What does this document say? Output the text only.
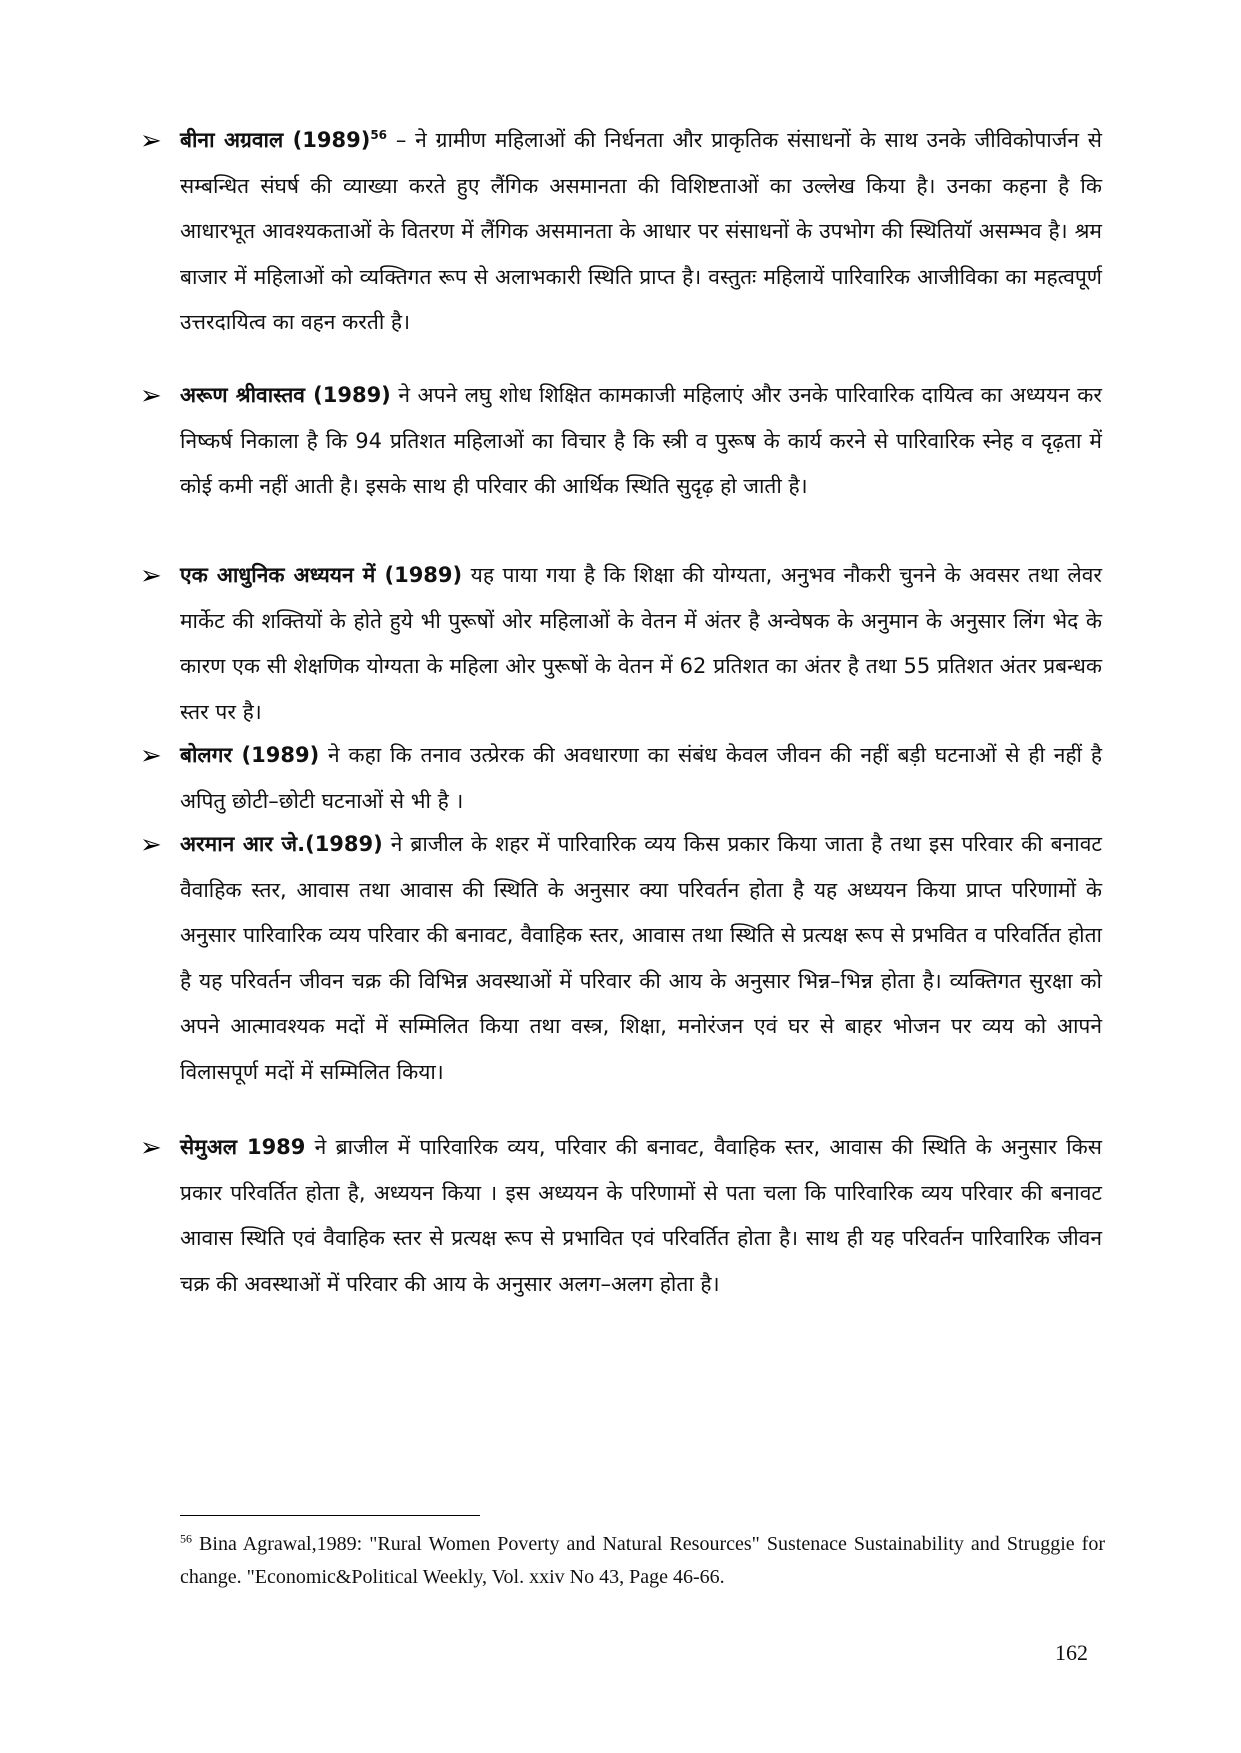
➢ बीना अग्रवाल $(1989)^{56}$ – ने ग्रामीण महिलाओं की निर्धनता और प्राकृतिक संसाधनों के साथ उनके जीविकोपार्जन से सम्बन्धित संघर्ष की व्याख्या करते हुए लैंगिक असमानता की विशिष्टताओं का उल्लेख किया है। उनका कहना है कि आधारभूत आवश्यकताओं के वितरण में लैंगिक असमानता के आधार पर संसाधनों के उपभोग की स्थितियॉ असम्भव है। श्रम बाजार में महिलाओं को व्यक्तिगत रूप से अलाभकारी स्थिति प्राप्त है। वस्तुतः महिलायें पारिवारिक आजीविका का महत्वपूर्ण उत्तरदायित्व का वहन करती है।

➢ अरूण श्रीवास्तव (1989) ने अपने लघु शोध शिक्षित कामकाजी महिलाएं और उनके पारिवारिक दायित्व का अध्ययन कर निष्कर्ष निकाला है कि 94 प्रतिशत महिलाओं का विचार है कि स्त्री व पुरूष के कार्य करने से पारिवारिक स्नेह व दृढ़ता में कोई कमी नहीं आती है। इसके साथ ही परिवार की आर्थिक स्थिति सुदृढ़ हो जाती है।

➢ एक आधुनिक अध्ययन में (1989) यह पाया गया है कि शिक्षा की योग्यता, अनुभव नौकरी चुनने के अवसर तथा लेवर मार्केट की शक्तियों के होते हुये भी पुरूषों ओर महिलाओं के वेतन में अंतर है अन्वेषक के अनुमान के अनुसार लिंग भेद के कारण एक सी शेक्षणिक योग्यता के महिला ओर पुरूषों के वेतन में 62 प्रतिशत का अंतर है तथा 55 प्रतिशत अंतर प्रबन्धक स्तर पर है।

➢ बोलगर (1989) ने कहा कि तनाव उत्प्रेरक की अवधारणा का संबंध केवल जीवन की नहीं बड़ी घटनाओं से ही नहीं है अपितु छोटी–छोटी घटनाओं से भी है ।

➢ अरमान आर जे.(1989) ने ब्राजील के शहर में पारिवारिक व्यय किस प्रकार किया जाता है तथा इस परिवार की बनावट वैवाहिक स्तर, आवास तथा आवास की स्थिति के अनुसार क्या परिवर्तन होता है यह अध्ययन किया प्राप्त परिणामों के अनुसार पारिवारिक व्यय परिवार की बनावट, वैवाहिक स्तर, आवास तथा स्थिति से प्रत्यक्ष रूप से प्रभवित व परिवर्तित होता है यह परिवर्तन जीवन चक्र की विभिन्न अवस्थाओं में परिवार की आय के अनुसार भिन्न–भिन्न होता है। व्यक्तिगत सुरक्षा को अपने आत्मावश्यक मदों में सम्मिलित किया तथा वस्त्र, शिक्षा, मनोरंजन एवं घर से बाहर भोजन पर व्यय को आपने विलासपूर्ण मदों में सम्मिलित किया।

➢ सेमुअल 1989 ने ब्राजील में पारिवारिक व्यय, परिवार की बनावट, वैवाहिक स्तर, आवास की स्थिति के अनुसार किस प्रकार परिवर्तित होता है, अध्ययन किया । इस अध्ययन के परिणामों से पता चला कि पारिवारिक व्यय परिवार की बनावट आवास स्थिति एवं वैवाहिक स्तर से प्रत्यक्ष रूप से प्रभावित एवं परिवर्तित होता है। साथ ही यह परिवर्तन पारिवारिक जीवन चक्र की अवस्थाओं में परिवार की आय के अनुसार अलग–अलग होता है।

$^{56}$ Bina Agrawal,1989: "Rural Women Poverty and Natural Resources" Sustenace Sustainability and Struggie for change. "Economic&Political Weekly, Vol. xxiv No 43, Page 46-66.
162
